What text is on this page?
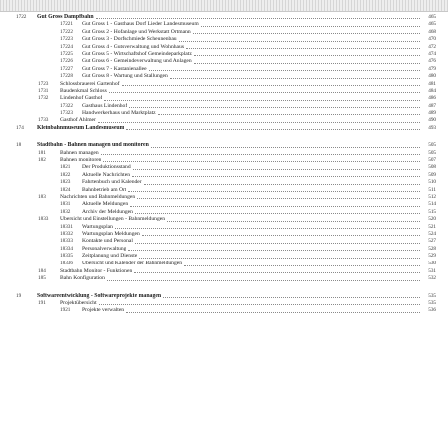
1722	Gut Gross Dampfbahn	465
17221	Gut Gross 1 - Gasthaus Dorf Lieder Landesmuseum	465
17222	Gut Gross 2 - Hofanlage und Werkstatt Ortmann	468
17223	Gut Gross 3 - Dorfschmiede Scheunenbau	470
17224	Gut Gross 4 - Gutsverwaltung und Wohnhaus	472
17225	Gut Gross 5 - Wirtschaftshof Gemeindeparkplatz	474
17226	Gut Gross 6 - Gemeindeverwaltung und Anlagen	476
17227	Gut Gross 7 - Kastanienallee	479
17228	Gut Gross 8 - Wartung und Stallungen	480
1723	Schlossbrauerei Gartenhof	481
1731	Baudenkmal Schloss	484
1732	Lindenhof Gasthof	486
17322	Gasthaus Lindenhof	487
17323	Handwerkerhaus und Marktplatz	489
1733	Gasthof Ahlmer	490
174	Kleinbahnmuseum Landesmuseum	493
18	Stadtbahn - Bahnen managen und monitoren	505
181	Bahnen managen	505
182	Bahnen monitoren	507
1821	Der Produktionsstand	508
1822	Aktuelle Nachrichten	509
1823	Fahrtenbuch und Kalender	510
1824	Bahnbetrieb am Ort	511
183	Nachrichten und Bahnmeldungen	512
1831	Aktuelle Meldungen	514
1832	Archiv der Meldungen	515
1833	Übersicht und Einstellungen - Bahnmeldungen	520
18331	Wartungsplan	521
18332	Wartungsplan Meldungen	524
18333	Kontakte und Personal	527
18334	Personalverwaltung	528
18335	Zeitplanung und Dienste	529
18336	Übersicht und Kalender der Bahnmeldungen	530
184	Stadtbahn Monitor - Funktionen	531
185	Bahn Konfiguration	532
19	Softwareentwicklung - Softwareprojekte managen	535
191	Projektübersicht	535
1921	Projekte verwalten	536
